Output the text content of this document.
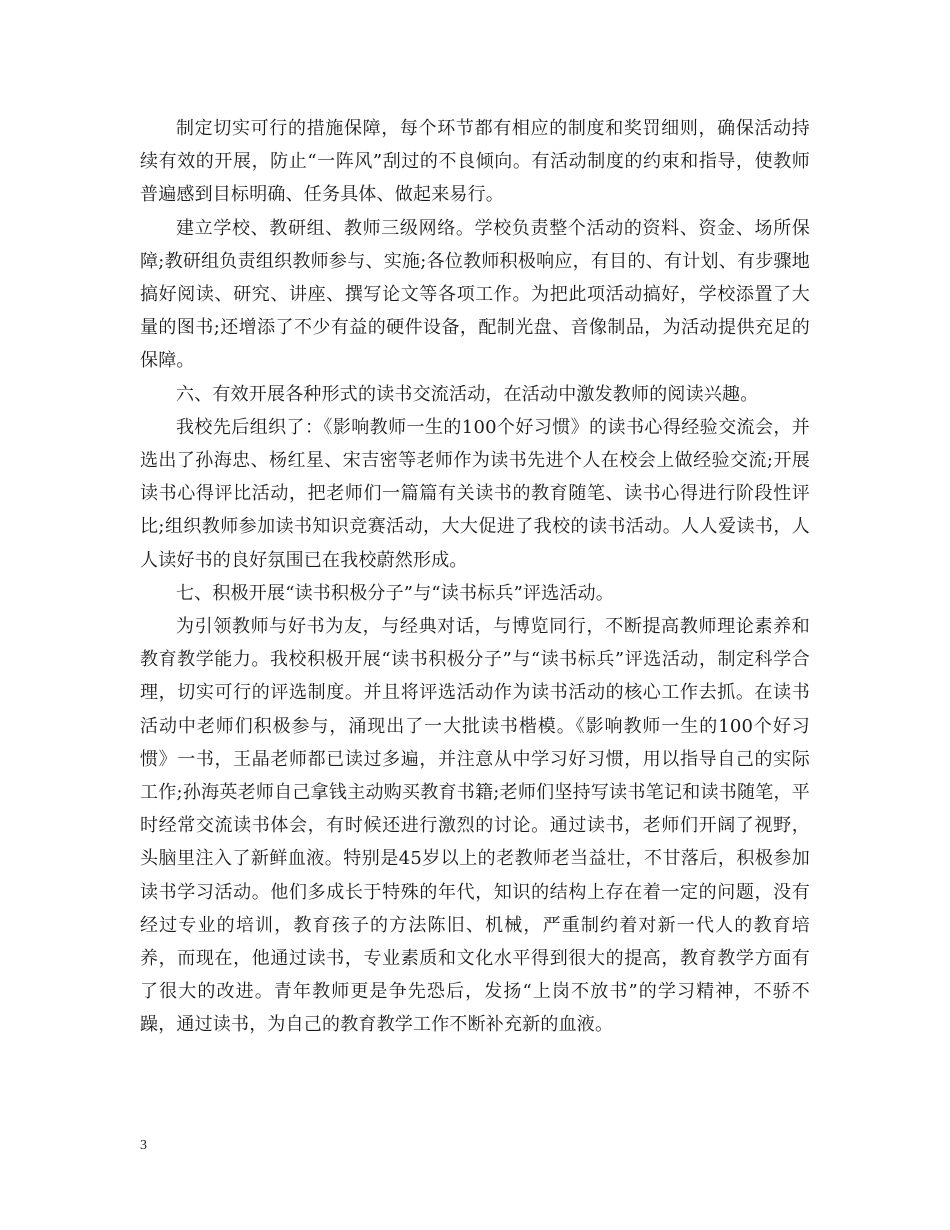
制定切实可行的措施保障，每个环节都有相应的制度和奖罚细则，确保活动持续有效的开展，防止“一阵风”刮过的不良倾向。有活动制度的约束和指导，使教师普遍感到目标明确、任务具体、做起来易行。

建立学校、教研组、教师三级网络。学校负责整个活动的资料、资金、场所保障;教研组负责组织教师参与、实施;各位教师积极响应，有目的、有计划、有步骤地搞好阅读、研究、讲座、撰写论文等各项工作。为把此项活动搞好，学校添置了大量的图书;还增添了不少有益的硬件设备，配制光盘、音像制品，为活动提供充足的保障。

六、有效开展各种形式的读书交流活动，在活动中激发教师的阅读兴趣。

我校先后组织了：《影响教师一生的100个好习惯》的读书心得经验交流会，并选出了孙海忠、杨红星、宋吉密等老师作为读书先进个人在校会上做经验交流;开展读书心得评比活动，把老师们一篇篇有关读书的教育随笔、读书心得进行阶段性评比;组织教师参加读书知识竞赛活动，大大促进了我校的读书活动。人人爱读书，人人读好书的良好氛围已在我校蔚然形成。

七、积极开展“读书积极分子”与“读书标兵”评选活动。

为引领教师与好书为友，与经典对话，与博览同行，不断提高教师理论素养和教育教学能力。我校积极开展“读书积极分子”与“读书标兵”评选活动，制定科学合理，切实可行的评选制度。并且将评选活动作为读书活动的核心工作去抓。在读书活动中老师们积极参与，涌现出了一大批读书楷模。《影响教师一生的100个好习惯》一书，王晶老师都已读过多遍，并注意从中学习好习惯，用以指导自己的实际工作;孙海英老师自己拿钱主动购买教育书籍;老师们坚持写读书笔记和读书随笔，平时经常交流读书体会，有时候还进行激烈的讨论。通过读书，老师们开阔了视野，头脑里注入了新鲜血液。特别是45岁以上的老教师老当益壮，不甘落后，积极参加读书学习活动。他们多成长于特殊的年代，知识的结构上存在着一定的问题，没有经过专业的培训，教育孩子的方法陈旧、机械，严重制约着对新一代人的教育培养，而现在，他通过读书，专业素质和文化水平得到很大的提高，教育教学方面有了很大的改进。青年教师更是争先恐后，发扬“上岗不放书”的学习精神，不骄不躁，通过读书，为自己的教育教学工作不断补充新的血液。

3
